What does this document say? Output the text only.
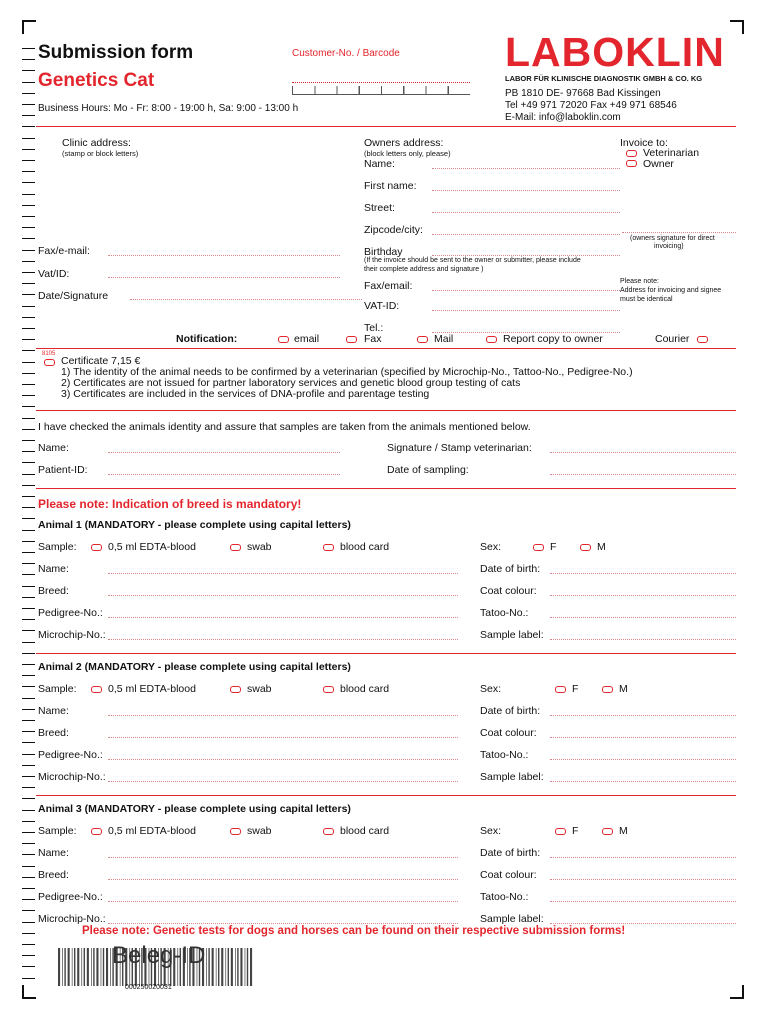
Submission form
Genetics Cat
Customer-No. / Barcode
Business Hours: Mo - Fr: 8:00 - 19:00 h, Sa: 9:00 - 13:00 h
LABOKLIN
LABOR FÜR KLINISCHE DIAGNOSTIK GMBH & CO. KG
PB 1810 DE- 97668 Bad Kissingen
Tel +49 971 72020 Fax +49 971 68546
E-Mail: info@laboklin.com
Clinic address:
(stamp or block letters)
Fax/e-mail:
Vat/ID:
Date/Signature
Owners address:
(block letters only, please)
Name:
First name:
Street:
Zipcode/city:
Birthday
(If the invoice should be sent to the owner or submitter, please include
their complete address and signature )
Fax/email:
VAT-ID:
Tel.:
Invoice to:
Veterinarian
Owner
(owners signature for direct
invoicing)
Please note:
Address for invoicing and signee
must be identical
Notification:	email	Fax	Mail	Report copy to owner	Courier
8105
Certificate 7,15 €
1) The identity of the animal needs to be confirmed by a veterinarian (specified by Microchip-No., Tattoo-No., Pedigree-No.)
2) Certificates are not issued for partner laboratory services and genetic blood group testing of cats
3) Certificates are included in the services of DNA-profile and parentage testing
I have checked the animals identity and assure that samples are taken from the animals mentioned below.
Name:
Patient-ID:
Signature / Stamp veterinarian:
Date of sampling:
Please note: Indication of breed is mandatory!
Animal 1 (MANDATORY - please complete using capital letters)
Sample:	0,5 ml EDTA-blood	swab	blood card	Sex:	F	M
Name:	Date of birth:
Breed:	Coat colour:
Pedigree-No.:	Tatoo-No.:
Microchip-No.:	Sample label:
Animal 2 (MANDATORY - please complete using capital letters)
Sample:	0,5 ml EDTA-blood	swab	blood card	Sex:	F	M
Name:	Date of birth:
Breed:	Coat colour:
Pedigree-No.:	Tatoo-No.:
Microchip-No.:	Sample label:
Animal 3 (MANDATORY - please complete using capital letters)
Sample:	0,5 ml EDTA-blood	swab	blood card	Sex:	F	M
Name:	Date of birth:
Breed:	Coat colour:
Pedigree-No.:	Tatoo-No.:
Microchip-No.:	Sample label:
Please note: Genetic tests for dogs and horses can be found on their respective submission forms!
Beleg-ID
000250020031
